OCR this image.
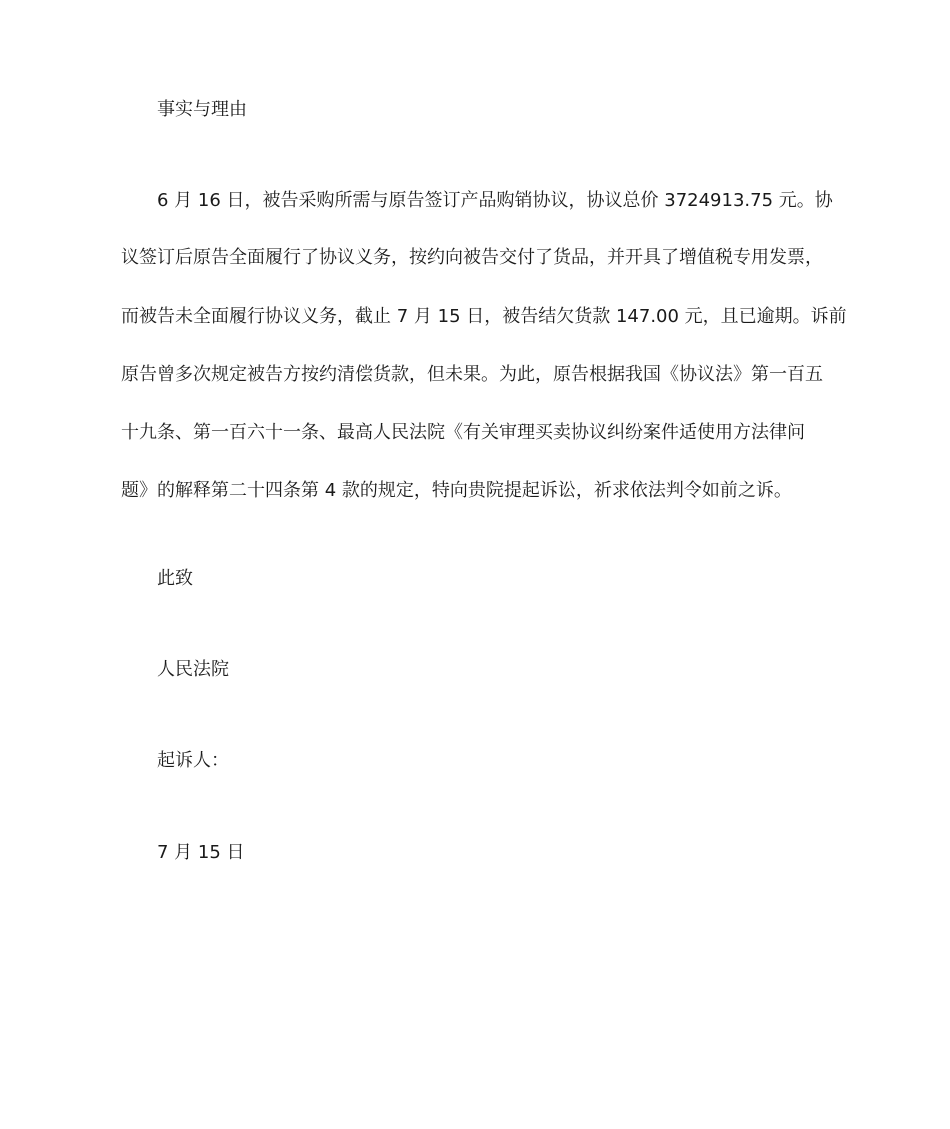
事实与理由
6 月 16 日，被告采购所需与原告签订产品购销协议，协议总价 3724913.75 元。协
议签订后原告全面履行了协议义务，按约向被告交付了货品，并开具了增值税专用发票，
而被告未全面履行协议义务，截止 7 月 15 日，被告结欠货款 147.00 元，且已逾期。诉前
原告曾多次规定被告方按约清偿货款，但未果。为此，原告根据我国《协议法》第一百五
十九条、第一百六十一条、最高人民法院《有关审理买卖协议纠纷案件适使用方法律问
题》的解释第二十四条第 4 款的规定，特向贵院提起诉讼，祈求依法判令如前之诉。
此致
人民法院
起诉人：
7 月 15 日
